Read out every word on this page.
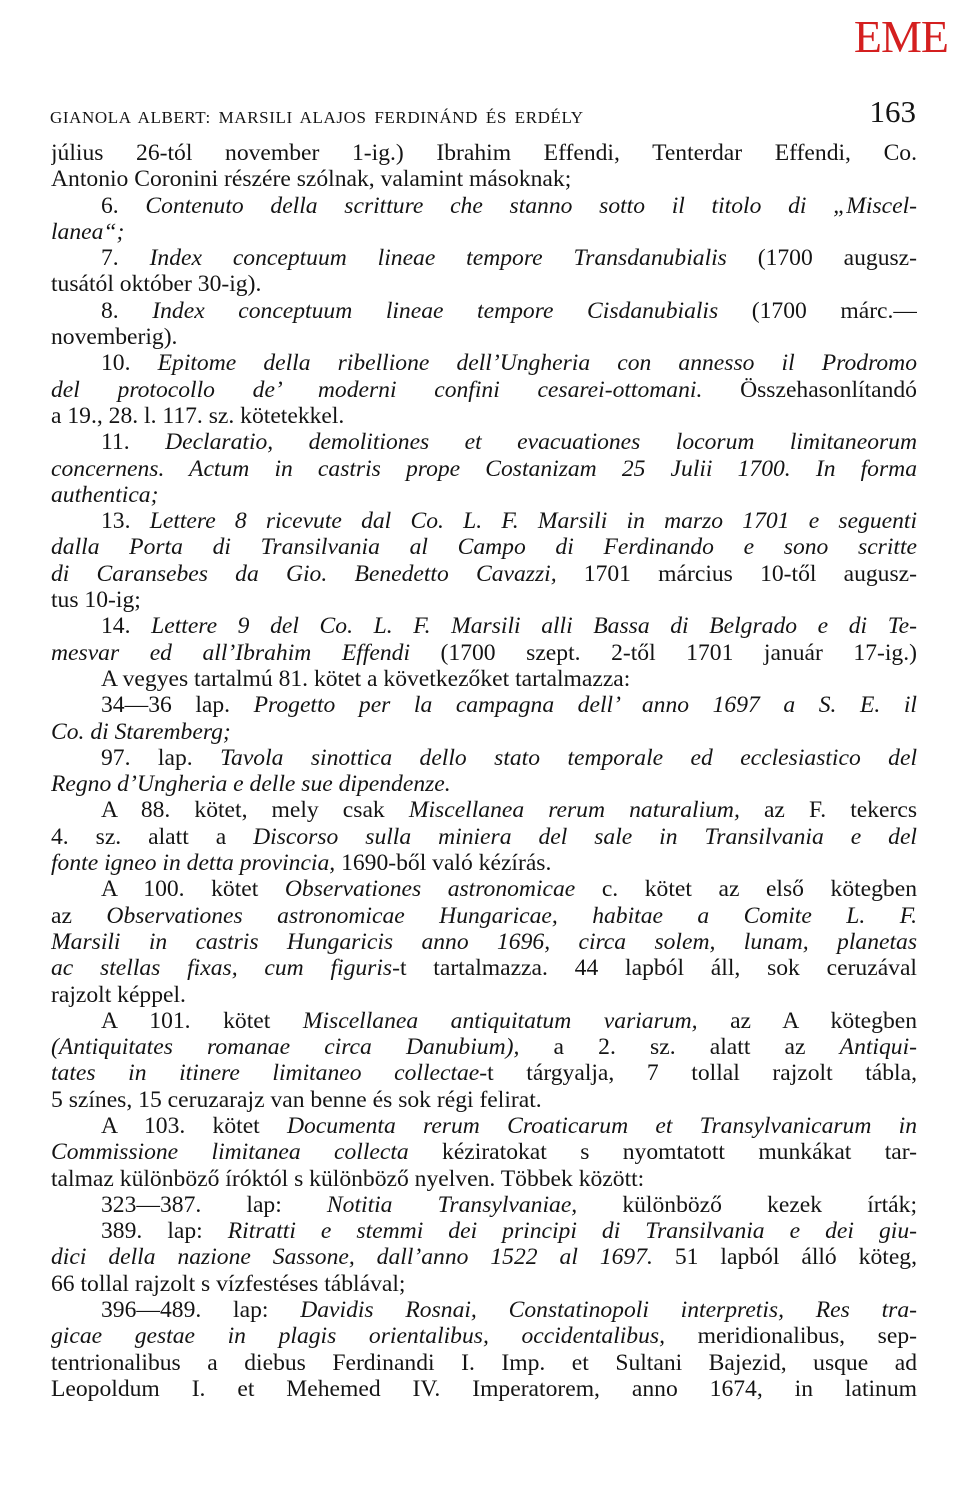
EME
GIANOLA ALBERT: MARSILI ALAJOS FERDINÁND ÉS ERDÉLY	163
július 26-tól november 1-ig.) Ibrahim Effendi, Tenterdar Effendi, Co.
Antonio Coronini részére szólnak, valamint másoknak;
6. Contenuto della scritture che stanno sotto il titolo di „Miscel-
lanea“;
7. Index conceptuum lineae tempore Transdanubialis (1700 augusz-
tusától október 30-ig).
8. Index conceptuum lineae tempore Cisdanubialis (1700 márc.—
novemberig).
10. Epitome della ribellione dell’Ungheria con annesso il Prodromo
del protocollo de’ moderni confini cesarei-ottomani. Összehasonlítandó
a 19., 28. l. 117. sz. kötetekkel.
11. Declaratio, demolitiones et evacuationes locorum limitaneorum
concernens. Actum in castris prope Costanizam 25 Julii 1700. In forma
authentica;
13. Lettere 8 ricevute dal Co. L. F. Marsili in marzo 1701 e seguenti
dalla Porta di Transilvania al Campo di Ferdinando e sono scritte
di Caransebes da Gio. Benedetto Cavazzi, 1701 március 10-től augusz-
tus 10-ig;
14. Lettere 9 del Co. L. F. Marsili alli Bassa di Belgrado e di Te-
mesvar ed all’Ibrahim Effendi (1700 szept. 2-től 1701 január 17-ig.)
A vegyes tartalmú 81. kötet a következőket tartalmazza:
34—36 lap. Progetto per la campagna dell’ anno 1697 a S. E. il
Co. di Staremberg;
97. lap. Tavola sinottica dello stato temporale ed ecclesiastico del
Regno d’Ungheria e delle sue dipendenze.
A 88. kötet, mely csak Miscellanea rerum naturalium, az F. tekercs
4. sz. alatt a Discorso sulla miniera del sale in Transilvania e del
fonte igneo in detta provincia, 1690-ből való kézírás.
A 100. kötet Observationes astronomicae c. kötet az első kötegben
az Observationes astronomicae Hungaricae, habitae a Comite L. F.
Marsili in castris Hungaricis anno 1696, circa solem, lunam, planetas
ac stellas fixas, cum figuris-t tartalmazza. 44 lapból áll, sok ceruzával
rajzolt képpel.
A 101. kötet Miscellanea antiquitatum variarum, az A kötegben
(Antiquitates romanae circa Danubium), a 2. sz. alatt az Antiqui-
tates in itinere limitaneo collectae-t tárgyalja, 7 tollal rajzolt tábla,
5 színes, 15 ceruzarajz van benne és sok régi felirat.
A 103. kötet Documenta rerum Croaticarum et Transylvanicarum in
Commissione limitanea collecta kéziratokat s nyomtatott munkákat tar-
talmaz különböző íróktól s különböző nyelven. Többek között:
323—387. lap: Notitia Transylvaniae, különböző kezek írták;
389. lap: Ritratti e stemmi dei principi di Transilvania e dei giu-
dici della nazione Sassone, dall’anno 1522 al 1697. 51 lapból álló köteg,
66 tollal rajzolt s vízfestéses táblával;
396—489. lap: Davidis Rosnai, Constatinopoli interpretis, Res tra-
gicae gestae in plagis orientalibus, occidentalibus, meridionalibus, sep-
tentrionalibus a diebus Ferdinandi I. Imp. et Sultani Bajezid, usque ad
Leopoldum I. et Mehemed IV. Imperatorem, anno 1674, in latinum
